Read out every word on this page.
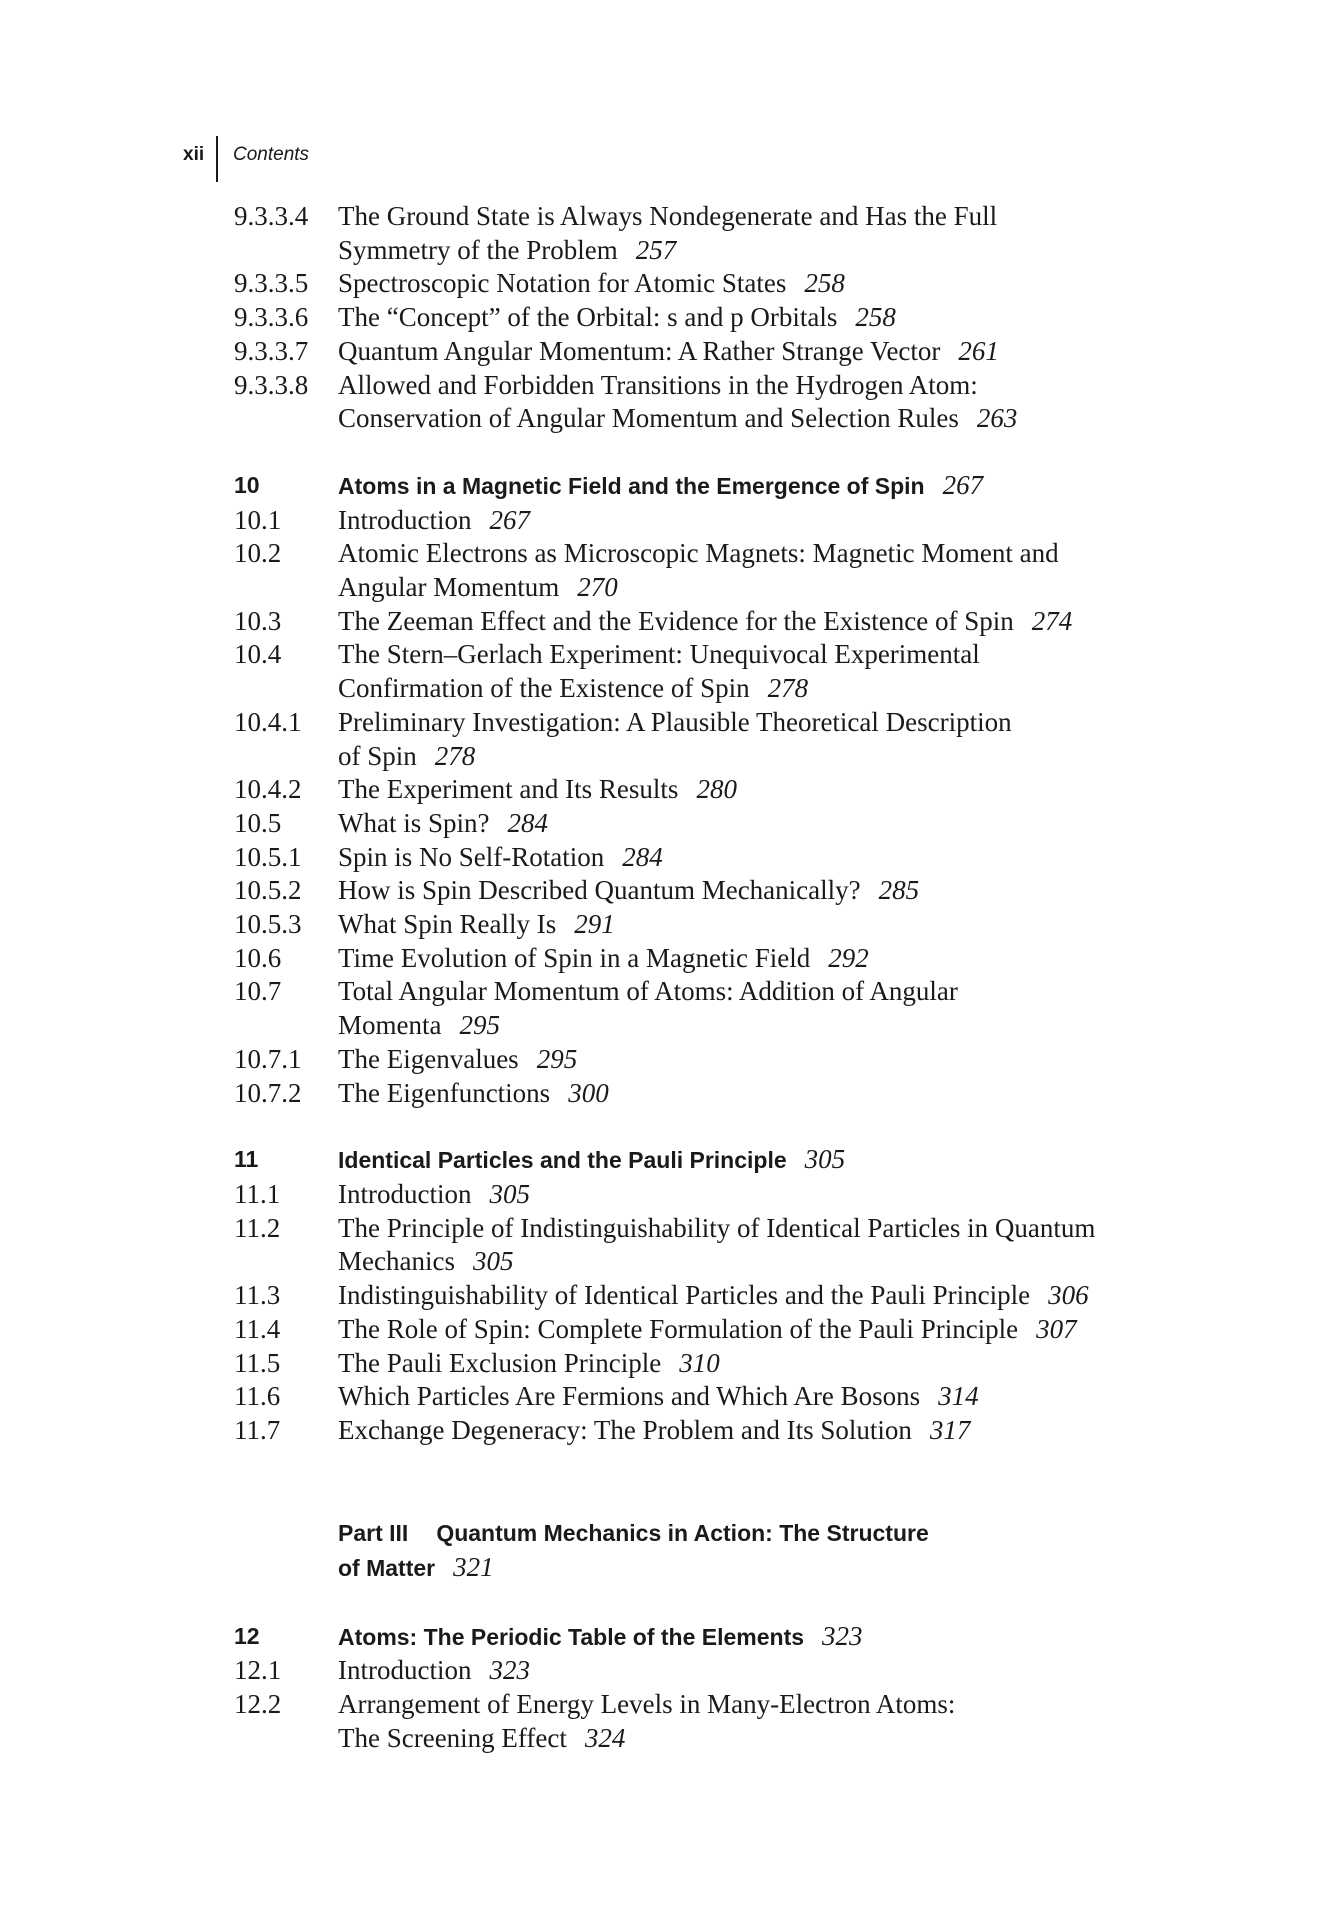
xii Contents
9.3.3.4 The Ground State is Always Nondegenerate and Has the Full
Symmetry of the Problem 257
9.3.3.5 Spectroscopic Notation for Atomic States 258
9.3.3.6 The “Concept” of the Orbital: s and p Orbitals 258
9.3.3.7 Quantum Angular Momentum: A Rather Strange Vector 261
9.3.3.8 Allowed and Forbidden Transitions in the Hydrogen Atom:
Conservation of Angular Momentum and Selection Rules 263
10	Atoms in a Magnetic Field and the Emergence of Spin 267
10.1 Introduction 267
10.2 Atomic Electrons as Microscopic Magnets: Magnetic Moment and
Angular Momentum 270
10.3 The Zeeman Effect and the Evidence for the Existence of Spin 274
10.4 The Stern–Gerlach Experiment: Unequivocal Experimental
Confirmation of the Existence of Spin 278
10.4.1 Preliminary Investigation: A Plausible Theoretical Description
of Spin 278
10.4.2 The Experiment and Its Results 280
10.5 What is Spin? 284
10.5.1 Spin is No Self-Rotation 284
10.5.2 How is Spin Described Quantum Mechanically? 285
10.5.3 What Spin Really Is 291
10.6 Time Evolution of Spin in a Magnetic Field 292
10.7 Total Angular Momentum of Atoms: Addition of Angular
Momenta 295
10.7.1 The Eigenvalues 295
10.7.2 The Eigenfunctions 300
11	Identical Particles and the Pauli Principle 305
11.1 Introduction 305
11.2 The Principle of Indistinguishability of Identical Particles in Quantum
Mechanics 305
11.3 Indistinguishability of Identical Particles and the Pauli Principle 306
11.4 The Role of Spin: Complete Formulation of the Pauli Principle 307
11.5 The Pauli Exclusion Principle 310
11.6 Which Particles Are Fermions and Which Are Bosons 314
11.7 Exchange Degeneracy: The Problem and Its Solution 317
Part III Quantum Mechanics in Action: The Structure
of Matter 321
12	Atoms: The Periodic Table of the Elements 323
12.1 Introduction 323
12.2 Arrangement of Energy Levels in Many-Electron Atoms:
The Screening Effect 324
